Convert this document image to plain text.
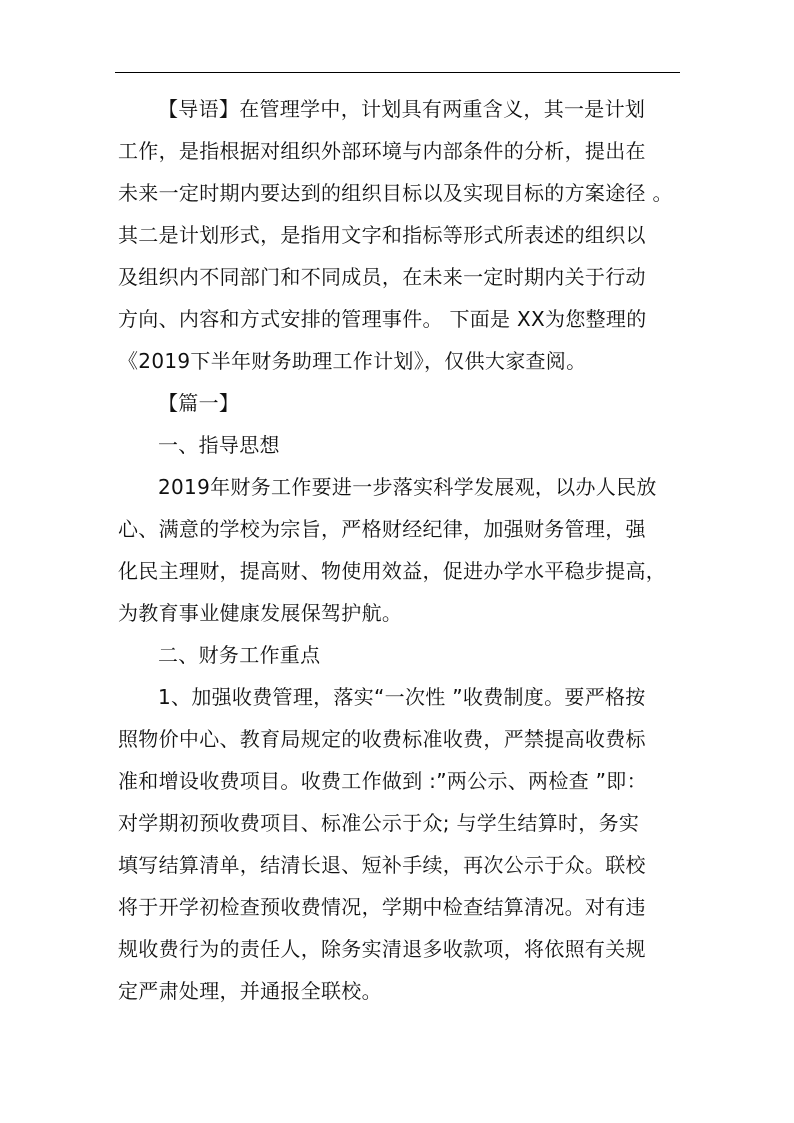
【导语】在管理学中，计划具有两重含义，其一是计划
工作，是指根据对组织外部环境与内部条件的分析，提出在
未来一定时期内要达到的组织目标以及实现目标的方案途径 。
其二是计划形式，是指用文字和指标等形式所表述的组织以
及组织内不同部门和不同成员，在未来一定时期内关于行动
方向、内容和方式安排的管理事件。 下面是 XX为您整理的
《2019下半年财务助理工作计划》，仅供大家查阅。
【篇一】
一、指导思想
2019年财务工作要进一步落实科学发展观，以办人民放
心、满意的学校为宗旨，严格财经纪律，加强财务管理，强
化民主理财，提高财、物使用效益，促进办学水平稳步提高，
为教育事业健康发展保驾护航。
二、财务工作重点
1、加强收费管理，落实“一次性 ”收费制度。要严格按
照物价中心、教育局规定的收费标准收费，严禁提高收费标
准和增设收费项目。收费工作做到 :”两公示、两检查 ”即：
对学期初预收费项目、标准公示于众; 与学生结算时，务实
填写结算清单，结清长退、短补手续，再次公示于众。联校
将于开学初检查预收费情况，学期中检查结算清况。对有违
规收费行为的责任人，除务实清退多收款项，将依照有关规
定严肃处理，并通报全联校。
